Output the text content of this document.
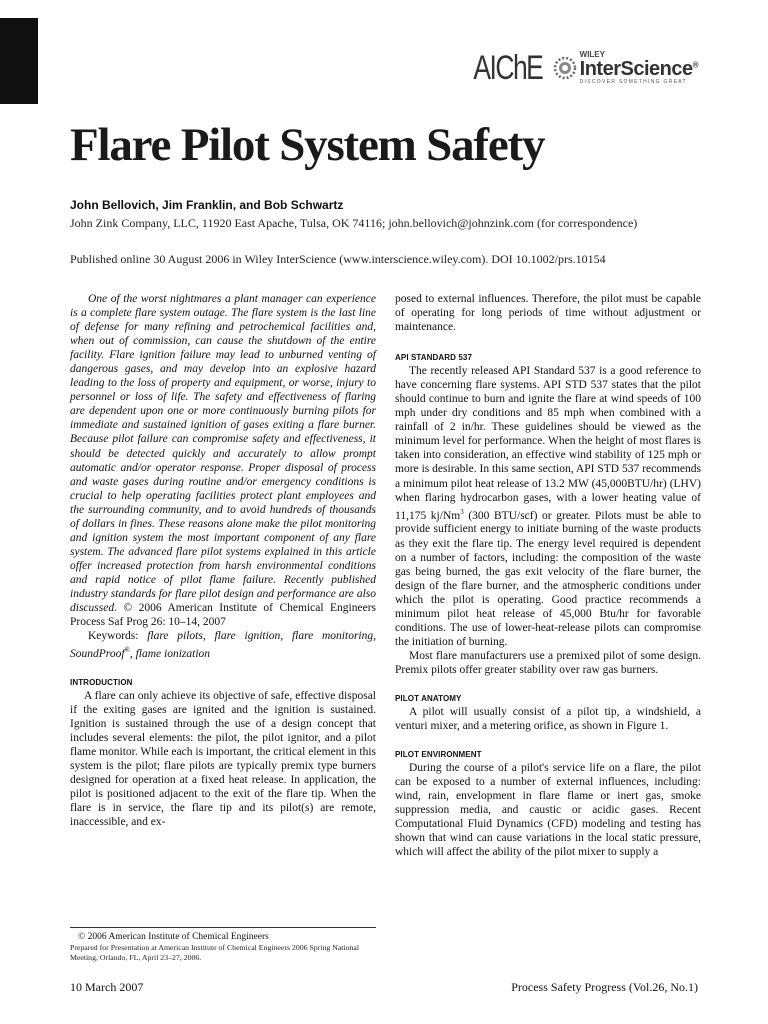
AIChE	WILEY
InterScience®
DISCOVER SOMETHING GREAT
Flare Pilot System Safety
John Bellovich, Jim Franklin, and Bob Schwartz
John Zink Company, LLC, 11920 East Apache, Tulsa, OK 74116; john.bellovich@johnzink.com (for correspondence)
Published online 30 August 2006 in Wiley InterScience (www.interscience.wiley.com). DOI 10.1002/prs.10154

One of the worst nightmares a plant manager can experience is a complete flare system outage. The flare system is the last line of defense for many refining and petrochemical facilities and, when out of commission, can cause the shutdown of the entire facility. Flare ignition failure may lead to unburned venting of dangerous gases, and may develop into an explosive hazard leading to the loss of property and equipment, or worse, injury to personnel or loss of life. The safety and effectiveness of flaring are dependent upon one or more continuously burning pilots for immediate and sustained ignition of gases exiting a flare burner. Because pilot failure can compromise safety and effectiveness, it should be detected quickly and accurately to allow prompt automatic and/or operator response. Proper disposal of process and waste gases during routine and/or emergency conditions is crucial to help operating facilities protect plant employees and the surrounding community, and to avoid hundreds of thousands of dollars in fines. These reasons alone make the pilot monitoring and ignition system the most important component of any flare system. The advanced flare pilot systems explained in this article offer increased protection from harsh environmental conditions and rapid notice of pilot flame failure. Recently published industry standards for flare pilot design and performance are also discussed. © 2006 American Institute of Chemical Engineers Process Saf Prog 26: 10–14, 2007

Keywords: flare pilots, flare ignition, flare monitoring, SoundProof®, flame ionization

INTRODUCTION

A flare can only achieve its objective of safe, effective disposal if the exiting gases are ignited and the ignition is sustained. Ignition is sustained through the use of a design concept that includes several elements: the pilot, the pilot ignitor, and a pilot flame monitor. While each is important, the critical element in this system is the pilot; flare pilots are typically premix type burners designed for operation at a fixed heat release. In application, the pilot is positioned adjacent to the exit of the flare tip. When the flare is in service, the flare tip and its pilot(s) are remote, inaccessible, and ex-

posed to external influences. Therefore, the pilot must be capable of operating for long periods of time without adjustment or maintenance.

API STANDARD 537

The recently released API Standard 537 is a good reference to have concerning flare systems. API STD 537 states that the pilot should continue to burn and ignite the flare at wind speeds of 100 mph under dry conditions and 85 mph when combined with a rainfall of 2 in/hr. These guidelines should be viewed as the minimum level for performance. When the height of most flares is taken into consideration, an effective wind stability of 125 mph or more is desirable. In this same section, API STD 537 recommends a minimum pilot heat release of 13.2 MW (45,000BTU/hr) (LHV) when flaring hydrocarbon gases, with a lower heating value of 11,175 kj/Nm$^3$ (300 BTU/scf) or greater. Pilots must be able to provide sufficient energy to initiate burning of the waste products as they exit the flare tip. The energy level required is dependent on a number of factors, including: the composition of the waste gas being burned, the gas exit velocity of the flare burner, the design of the flare burner, and the atmospheric conditions under which the pilot is operating. Good practice recommends a minimum pilot heat release of 45,000 Btu/hr for favorable conditions. The use of lower-heat-release pilots can compromise the initiation of burning.

Most flare manufacturers use a premixed pilot of some design. Premix pilots offer greater stability over raw gas burners.

PILOT ANATOMY

A pilot will usually consist of a pilot tip, a windshield, a venturi mixer, and a metering orifice, as shown in Figure 1.

PILOT ENVIRONMENT

During the course of a pilot's service life on a flare, the pilot can be exposed to a number of external influences, including: wind, rain, envelopment in flare flame or inert gas, smoke suppression media, and caustic or acidic gases. Recent Computational Fluid Dynamics (CFD) modeling and testing has shown that wind can cause variations in the local static pressure, which will affect the ability of the pilot mixer to supply a

© 2006 American Institute of Chemical Engineers

Prepared for Presentation at American Institute of Chemical Engineers 2006 Spring National Meeting, Orlando, FL, April 23–27, 2006.

10 March 2007	Process Safety Progress (Vol.26, No.1)
